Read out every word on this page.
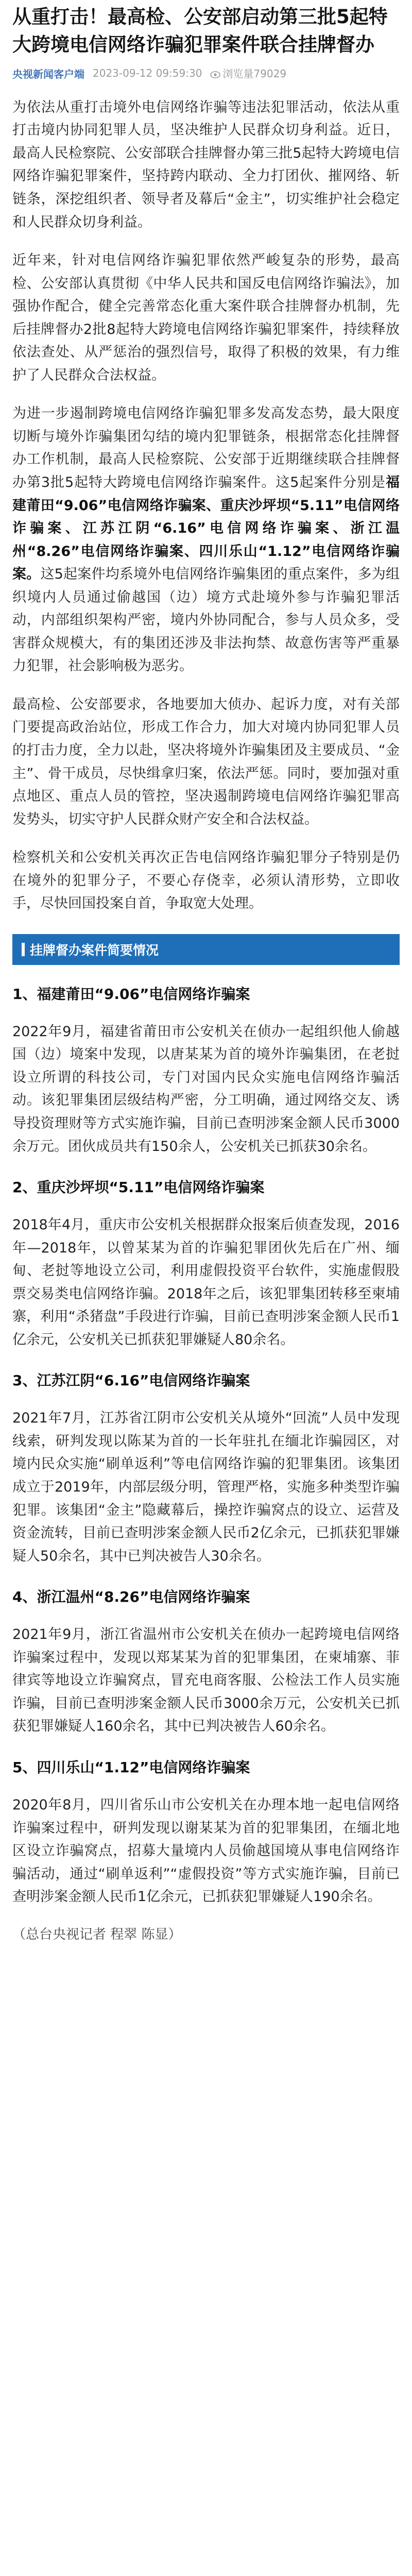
从重打击！最高检、公安部启动第三批5起特大跨境电信网络诈骗犯罪案件联合挂牌督办
央视新闻客户端 2023-09-12 09:59:30	浏览量79029

为依法从重打击境外电信网络诈骗等违法犯罪活动，依法从重打击境内协同犯罪人员，坚决维护人民群众切身利益。近日，最高人民检察院、公安部联合挂牌督办第三批5起特大跨境电信网络诈骗犯罪案件，坚持跨内联动、全力打团伙、摧网络、斩链条，深挖组织者、领导者及幕后“金主”，切实维护社会稳定和人民群众切身利益。

近年来，针对电信网络诈骗犯罪依然严峻复杂的形势，最高检、公安部认真贯彻《中华人民共和国反电信网络诈骗法》，加强协作配合，健全完善常态化重大案件联合挂牌督办机制，先后挂牌督办2批8起特大跨境电信网络诈骗犯罪案件，持续释放依法查处、从严惩治的强烈信号，取得了积极的效果，有力维护了人民群众合法权益。

为进一步遏制跨境电信网络诈骗犯罪多发高发态势，最大限度切断与境外诈骗集团勾结的境内犯罪链条，根据常态化挂牌督办工作机制，最高人民检察院、公安部于近期继续联合挂牌督办第3批5起特大跨境电信网络诈骗案件。这5起案件分别是福建莆田“9.06”电信网络诈骗案、重庆沙坪坝“5.11”电信网络诈骗案、江苏江阴“6.16”电信网络诈骗案、浙江温州“8.26”电信网络诈骗案、四川乐山“1.12”电信网络诈骗案。这5起案件均系境外电信网络诈骗集团的重点案件，多为组织境内人员通过偷越国（边）境方式赴境外参与诈骗犯罪活动，内部组织架构严密，境内外协同配合，参与人员众多，受害群众规模大，有的集团还涉及非法拘禁、故意伤害等严重暴力犯罪，社会影响极为恶劣。

最高检、公安部要求，各地要加大侦办、起诉力度，对有关部门要提高政治站位，形成工作合力，加大对境内协同犯罪人员的打击力度，全力以赴，坚决将境外诈骗集团及主要成员、“金主”、骨干成员，尽快缉拿归案，依法严惩。同时，要加强对重点地区、重点人员的管控，坚决遏制跨境电信网络诈骗犯罪高发势头，切实守护人民群众财产安全和合法权益。

检察机关和公安机关再次正告电信网络诈骗犯罪分子特别是仍在境外的犯罪分子，不要心存侥幸，必须认清形势，立即收手，尽快回国投案自首，争取宽大处理。

挂牌督办案件简要情况
1、福建莆田“9.06”电信网络诈骗案

2022年9月，福建省莆田市公安机关在侦办一起组织他人偷越国（边）境案中发现，以唐某某为首的境外诈骗集团，在老挝设立所谓的科技公司，专门对国内民众实施电信网络诈骗活动。该犯罪集团层级结构严密，分工明确，通过网络交友、诱导投资理财等方式实施诈骗，目前已查明涉案金额人民币3000余万元。团伙成员共有150余人，公安机关已抓获30余名。

2、重庆沙坪坝“5.11”电信网络诈骗案

2018年4月，重庆市公安机关根据群众报案后侦查发现，2016年—2018年，以曾某某为首的诈骗犯罪团伙先后在广州、缅甸、老挝等地设立公司，利用虚假投资平台软件，实施虚假股票交易类电信网络诈骗。2018年之后，该犯罪集团转移至柬埔寨，利用“杀猪盘”手段进行诈骗，目前已查明涉案金额人民币1亿余元，公安机关已抓获犯罪嫌疑人80余名。

3、江苏江阴“6.16”电信网络诈骗案

2021年7月，江苏省江阴市公安机关从境外“回流”人员中发现线索，研判发现以陈某为首的一长年驻扎在缅北诈骗园区，对境内民众实施“刷单返利”等电信网络诈骗的犯罪集团。该集团成立于2019年，内部层级分明，管理严格，实施多种类型诈骗犯罪。该集团“金主”隐藏幕后，操控诈骗窝点的设立、运营及资金流转，目前已查明涉案金额人民币2亿余元，已抓获犯罪嫌疑人50余名，其中已判决被告人30余名。

4、浙江温州“8.26”电信网络诈骗案

2021年9月，浙江省温州市公安机关在侦办一起跨境电信网络诈骗案过程中，发现以郑某某为首的犯罪集团，在柬埔寨、菲律宾等地设立诈骗窝点，冒充电商客服、公检法工作人员实施诈骗，目前已查明涉案金额人民币3000余万元，公安机关已抓获犯罪嫌疑人160余名，其中已判决被告人60余名。

5、四川乐山“1.12”电信网络诈骗案

2020年8月，四川省乐山市公安机关在办理本地一起电信网络诈骗案过程中，研判发现以谢某某为首的犯罪集团，在缅北地区设立诈骗窝点，招募大量境内人员偷越国境从事电信网络诈骗活动，通过“刷单返利”“虚假投资”等方式实施诈骗，目前已查明涉案金额人民币1亿余元，已抓获犯罪嫌疑人190余名。

（总台央视记者 程翠 陈显）
